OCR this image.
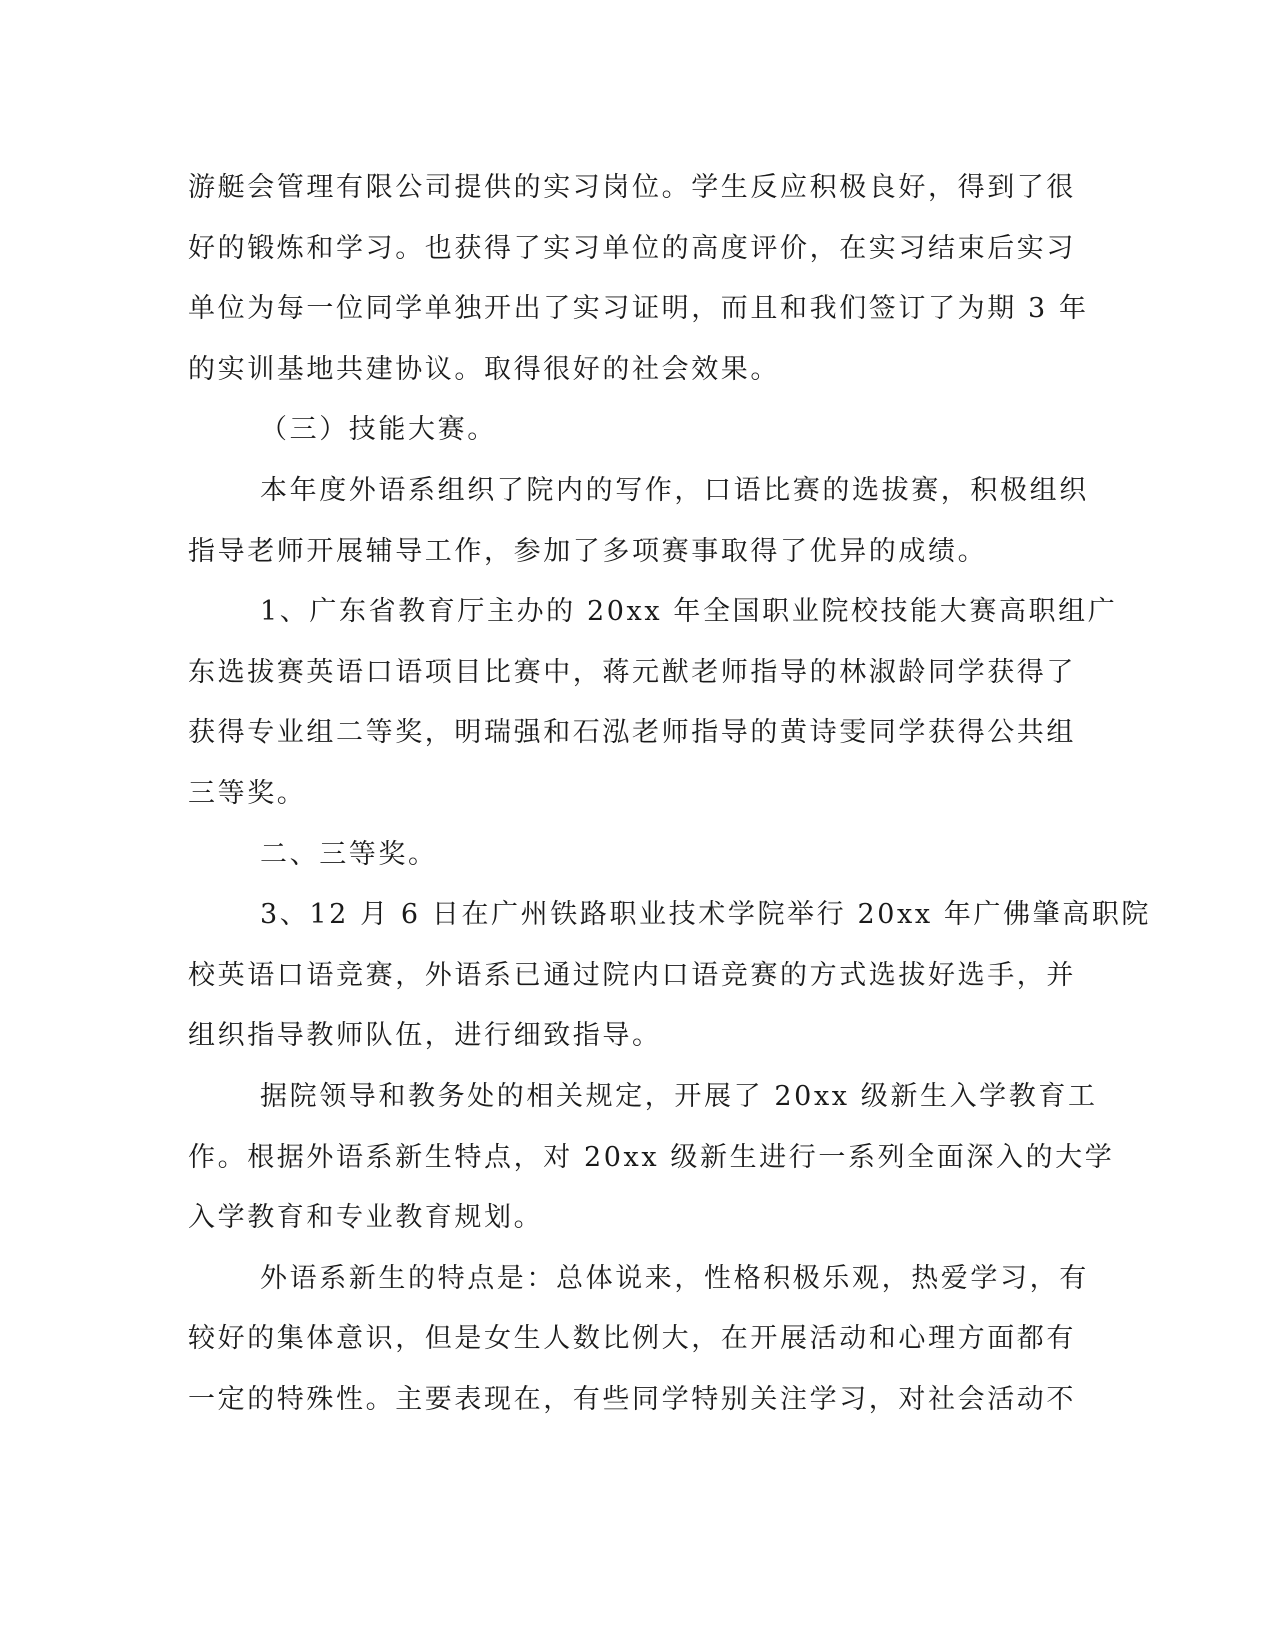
游艇会管理有限公司提供的实习岗位。学生反应积极良好，得到了很
好的锻炼和学习。也获得了实习单位的高度评价，在实习结束后实习
单位为每一位同学单独开出了实习证明，而且和我们签订了为期 3 年
的实训基地共建协议。取得很好的社会效果。
（三）技能大赛。
本年度外语系组织了院内的写作，口语比赛的选拔赛，积极组织
指导老师开展辅导工作，参加了多项赛事取得了优异的成绩。
1、广东省教育厅主办的 20xx 年全国职业院校技能大赛高职组广
东选拔赛英语口语项目比赛中，蒋元猷老师指导的林淑龄同学获得了
获得专业组二等奖，明瑞强和石泓老师指导的黄诗雯同学获得公共组
三等奖。
二、三等奖。
3、12 月 6 日在广州铁路职业技术学院举行 20xx 年广佛肇高职院
校英语口语竞赛，外语系已通过院内口语竞赛的方式选拔好选手，并
组织指导教师队伍，进行细致指导。
据院领导和教务处的相关规定，开展了 20xx 级新生入学教育工
作。根据外语系新生特点，对 20xx 级新生进行一系列全面深入的大学
入学教育和专业教育规划。
外语系新生的特点是：总体说来，性格积极乐观，热爱学习，有
较好的集体意识，但是女生人数比例大，在开展活动和心理方面都有
一定的特殊性。主要表现在，有些同学特别关注学习，对社会活动不
